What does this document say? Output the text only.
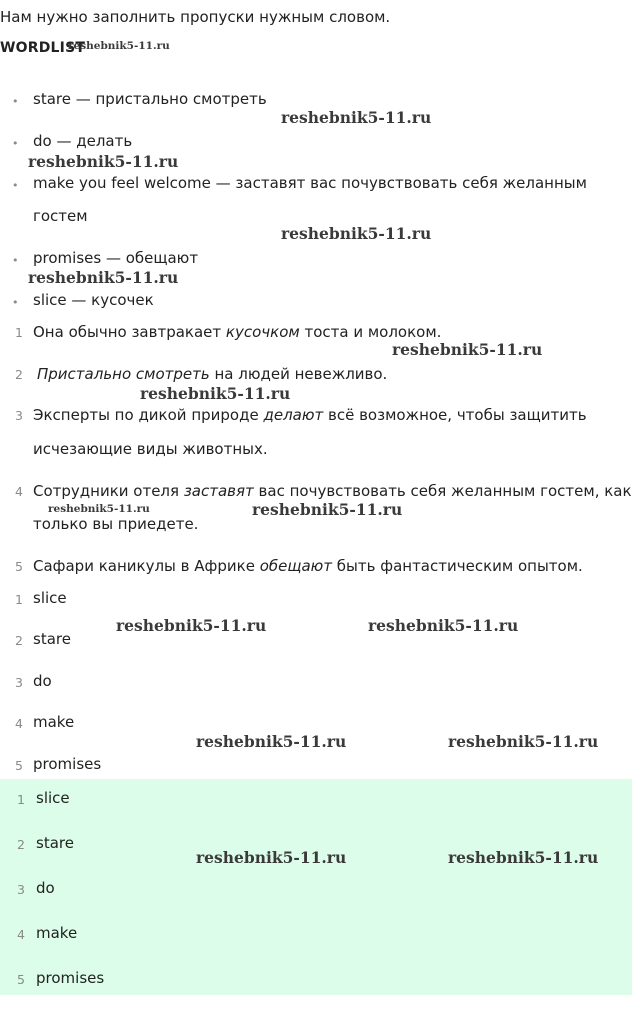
Нам нужно заполнить пропуски нужным словом.
WORDLIST
reshebnik5-11.ru
• stare — пристально смотреть
reshebnik5-11.ru
• do — делать
reshebnik5-11.ru
• make you feel welcome — заставят вас почувствовать себя желанным
гостем
reshebnik5-11.ru
• promises — обещают
reshebnik5-11.ru
• slice — кусочек
1 Она обычно завтракает кусочком тоста и молоком.
reshebnik5-11.ru
2 Пристально смотреть на людей невежливо.
reshebnik5-11.ru
3 Эксперты по дикой природе делают всё возможное, чтобы защитить
исчезающие виды животных.
4 Сотрудники отеля заставят вас почувствовать себя желанным гостем, как
reshebnik5-11.ru	reshebnik5-11.ru
только вы приедете.
5 Сафари каникулы в Африке обещают быть фантастическим опытом.
1 slice
reshebnik5-11.ru	reshebnik5-11.ru
2 stare
3 do
4 make
reshebnik5-11.ru	reshebnik5-11.ru
5 promises
1 slice
2 stare
reshebnik5-11.ru	reshebnik5-11.ru
3 do
4 make
5 promises
